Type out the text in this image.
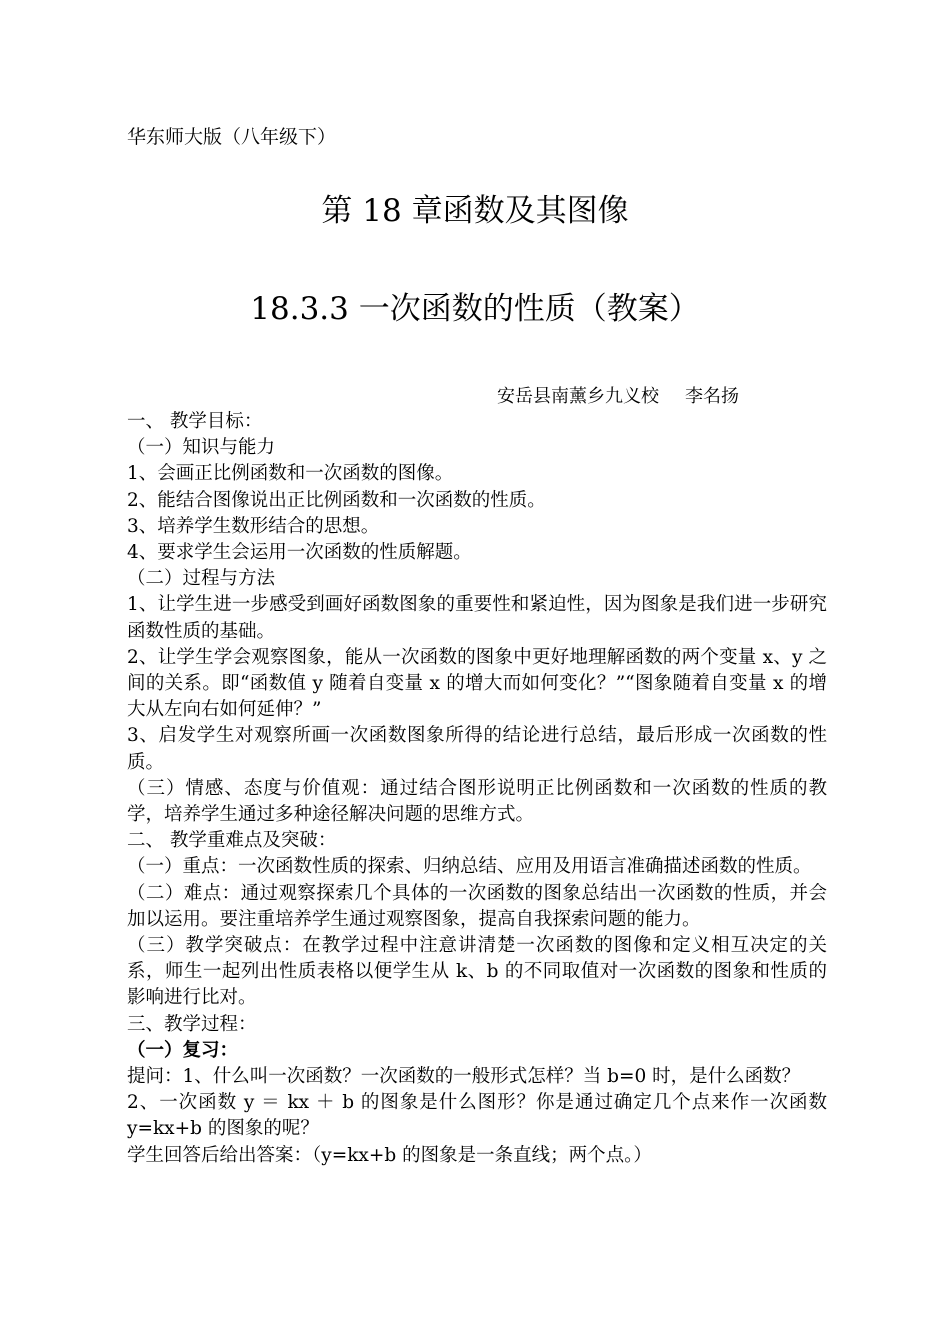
华东师大版（八年级下）
第 18 章函数及其图像
18.3.3 一次函数的性质（教案）
安岳县南薰乡九义校 李名扬

一、 教学目标：

（一）知识与能力

1、会画正比例函数和一次函数的图像。

2、能结合图像说出正比例函数和一次函数的性质。

3、培养学生数形结合的思想。

4、要求学生会运用一次函数的性质解题。

（二）过程与方法

1、让学生进一步感受到画好函数图象的重要性和紧迫性，因为图象是我们进一步研究函数性质的基础。

2、让学生学会观察图象，能从一次函数的图象中更好地理解函数的两个变量 x、y 之间的关系。即“函数值 y 随着自变量 x 的增大而如何变化？”“图象随着自变量 x 的增大从左向右如何延伸？”

3、启发学生对观察所画一次函数图象所得的结论进行总结，最后形成一次函数的性质。

（三）情感、态度与价值观：通过结合图形说明正比例函数和一次函数的性质的教学，培养学生通过多种途径解决问题的思维方式。

二、 教学重难点及突破：

（一）重点：一次函数性质的探索、归纳总结、应用及用语言准确描述函数的性质。

（二）难点：通过观察探索几个具体的一次函数的图象总结出一次函数的性质，并会加以运用。要注重培养学生通过观察图象，提高自我探索问题的能力。

（三）教学突破点：在教学过程中注意讲清楚一次函数的图像和定义相互决定的关系，师生一起列出性质表格以便学生从 k、b 的不同取值对一次函数的图象和性质的影响进行比对。

三、教学过程：

（一）复习：

提问：1、什么叫一次函数？一次函数的一般形式怎样？当 b=0 时，是什么函数？

2、一次函数 y ＝ kx ＋ b 的图象是什么图形？你是通过确定几个点来作一次函数 y=kx+b 的图象的呢？

学生回答后给出答案：（y=kx+b 的图象是一条直线；两个点。）
